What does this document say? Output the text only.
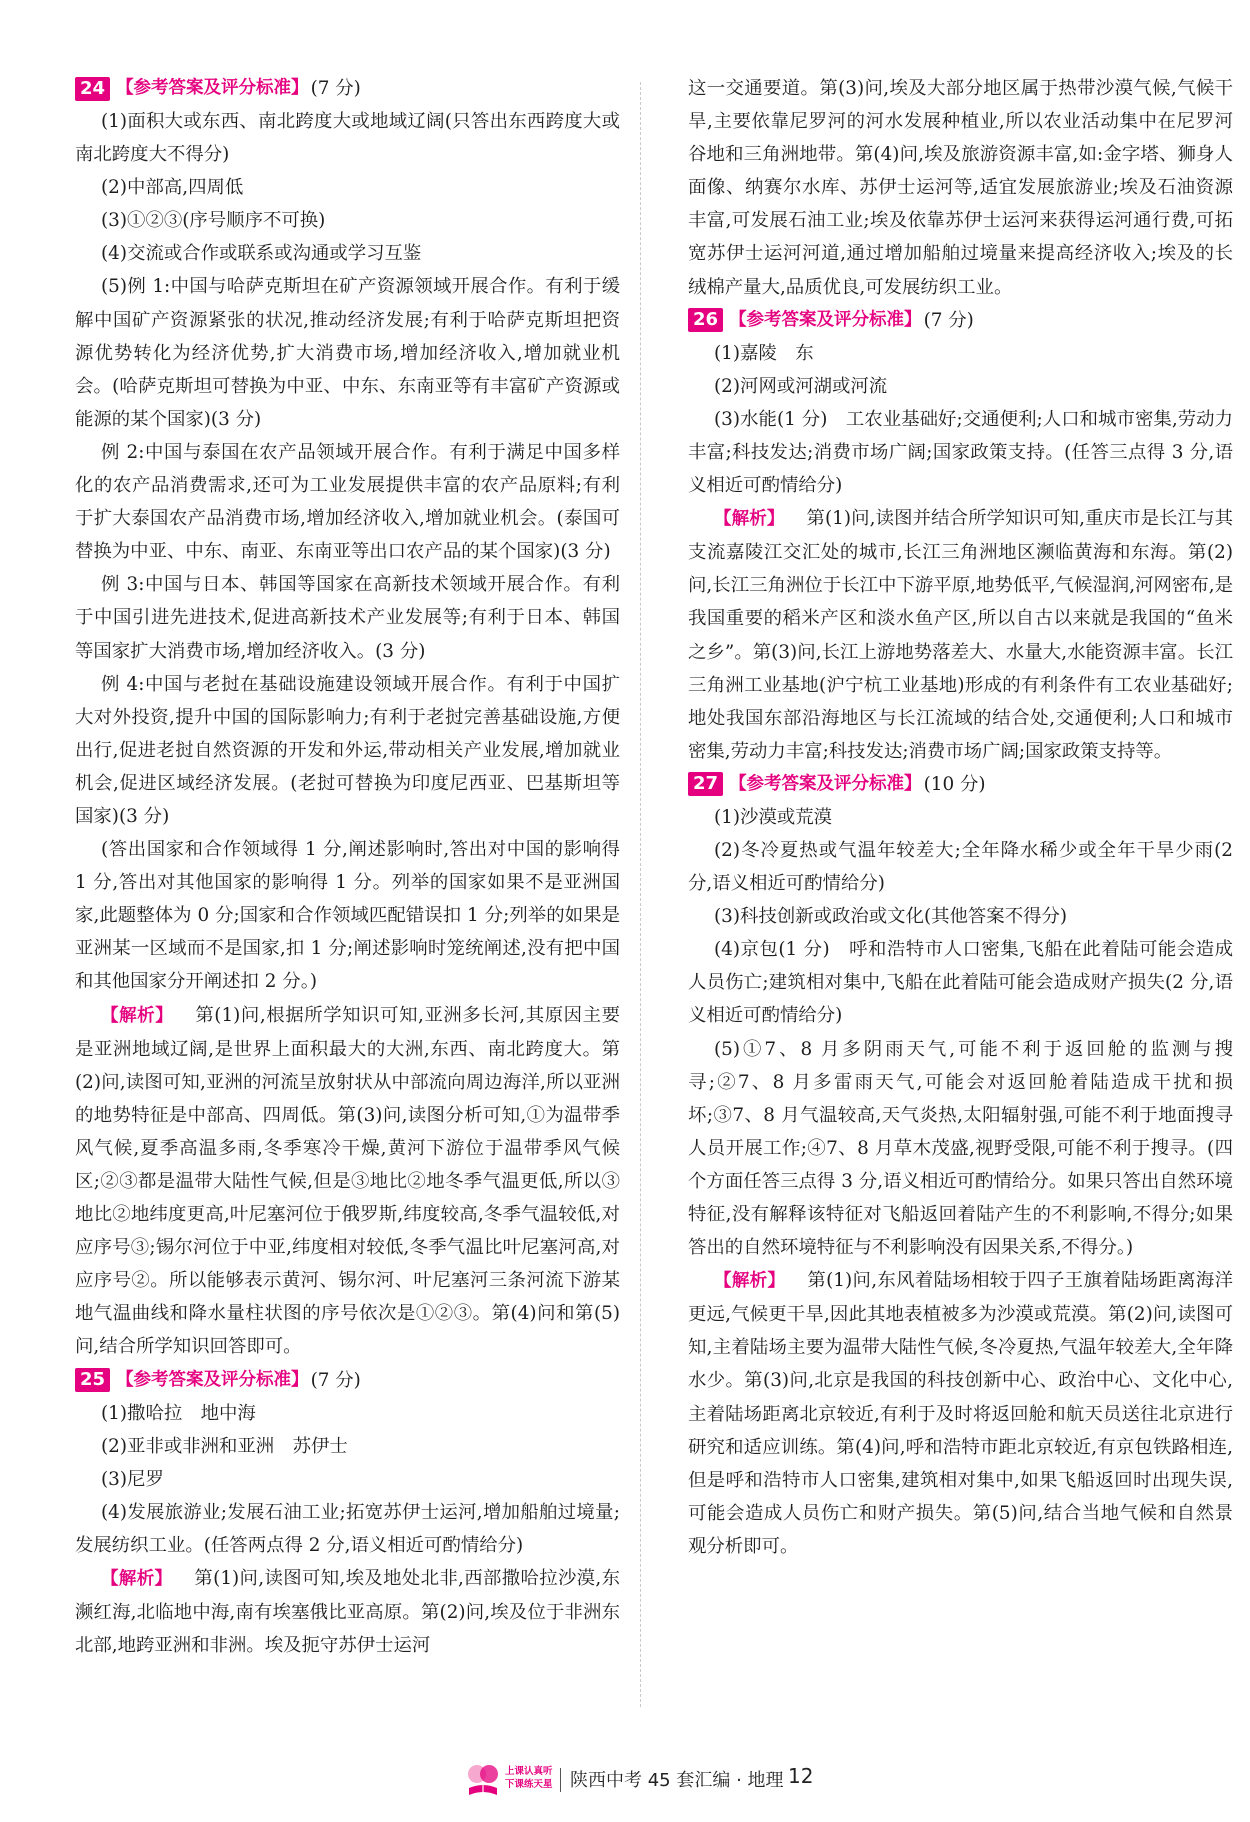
24 【参考答案及评分标准】 (7 分)

(1)面积大或东西、南北跨度大或地域辽阔(只答出东西跨度大或南北跨度大不得分)

(2)中部高,四周低

(3)①②③(序号顺序不可换)

(4)交流或合作或联系或沟通或学习互鉴

(5)例 1:中国与哈萨克斯坦在矿产资源领域开展合作。有利于缓解中国矿产资源紧张的状况,推动经济发展;有利于哈萨克斯坦把资源优势转化为经济优势,扩大消费市场,增加经济收入,增加就业机会。(哈萨克斯坦可替换为中亚、中东、东南亚等有丰富矿产资源或能源的某个国家)(3 分)

例 2:中国与泰国在农产品领域开展合作。有利于满足中国多样化的农产品消费需求,还可为工业发展提供丰富的农产品原料;有利于扩大泰国农产品消费市场,增加经济收入,增加就业机会。(泰国可替换为中亚、中东、南亚、东南亚等出口农产品的某个国家)(3 分)

例 3:中国与日本、韩国等国家在高新技术领域开展合作。有利于中国引进先进技术,促进高新技术产业发展等;有利于日本、韩国等国家扩大消费市场,增加经济收入。(3 分)

例 4:中国与老挝在基础设施建设领域开展合作。有利于中国扩大对外投资,提升中国的国际影响力;有利于老挝完善基础设施,方便出行,促进老挝自然资源的开发和外运,带动相关产业发展,增加就业机会,促进区域经济发展。(老挝可替换为印度尼西亚、巴基斯坦等国家)(3 分)

(答出国家和合作领域得 1 分,阐述影响时,答出对中国的影响得 1 分,答出对其他国家的影响得 1 分。列举的国家如果不是亚洲国家,此题整体为 0 分;国家和合作领域匹配错误扣 1 分;列举的如果是亚洲某一区域而不是国家,扣 1 分;阐述影响时笼统阐述,没有把中国和其他国家分开阐述扣 2 分。)

【解析】 第(1)问,根据所学知识可知,亚洲多长河,其原因主要是亚洲地域辽阔,是世界上面积最大的大洲,东西、南北跨度大。第(2)问,读图可知,亚洲的河流呈放射状从中部流向周边海洋,所以亚洲的地势特征是中部高、四周低。第(3)问,读图分析可知,①为温带季风气候,夏季高温多雨,冬季寒冷干燥,黄河下游位于温带季风气候区;②③都是温带大陆性气候,但是③地比②地冬季气温更低,所以③地比②地纬度更高,叶尼塞河位于俄罗斯,纬度较高,冬季气温较低,对应序号③;锡尔河位于中亚,纬度相对较低,冬季气温比叶尼塞河高,对应序号②。所以能够表示黄河、锡尔河、叶尼塞河三条河流下游某地气温曲线和降水量柱状图的序号依次是①②③。第(4)问和第(5)问,结合所学知识回答即可。

25 【参考答案及评分标准】 (7 分)

(1)撒哈拉　地中海

(2)亚非或非洲和亚洲　苏伊士

(3)尼罗

(4)发展旅游业;发展石油工业;拓宽苏伊士运河,增加船舶过境量;发展纺织工业。(任答两点得 2 分,语义相近可酌情给分)

【解析】 第(1)问,读图可知,埃及地处北非,西部撒哈拉沙漠,东濒红海,北临地中海,南有埃塞俄比亚高原。第(2)问,埃及位于非洲东北部,地跨亚洲和非洲。埃及扼守苏伊士运河

这一交通要道。第(3)问,埃及大部分地区属于热带沙漠气候,气候干旱,主要依靠尼罗河的河水发展种植业,所以农业活动集中在尼罗河谷地和三角洲地带。第(4)问,埃及旅游资源丰富,如:金字塔、狮身人面像、纳赛尔水库、苏伊士运河等,适宜发展旅游业;埃及石油资源丰富,可发展石油工业;埃及依靠苏伊士运河来获得运河通行费,可拓宽苏伊士运河河道,通过增加船舶过境量来提高经济收入;埃及的长绒棉产量大,品质优良,可发展纺织工业。

26 【参考答案及评分标准】 (7 分)

(1)嘉陵　东

(2)河网或河湖或河流

(3)水能(1 分)　工农业基础好;交通便利;人口和城市密集,劳动力丰富;科技发达;消费市场广阔;国家政策支持。(任答三点得 3 分,语义相近可酌情给分)

【解析】 第(1)问,读图并结合所学知识可知,重庆市是长江与其支流嘉陵江交汇处的城市,长江三角洲地区濒临黄海和东海。第(2)问,长江三角洲位于长江中下游平原,地势低平,气候湿润,河网密布,是我国重要的稻米产区和淡水鱼产区,所以自古以来就是我国的“鱼米之乡”。第(3)问,长江上游地势落差大、水量大,水能资源丰富。长江三角洲工业基地(沪宁杭工业基地)形成的有利条件有工农业基础好;地处我国东部沿海地区与长江流域的结合处,交通便利;人口和城市密集,劳动力丰富;科技发达;消费市场广阔;国家政策支持等。

27 【参考答案及评分标准】 (10 分)

(1)沙漠或荒漠

(2)冬冷夏热或气温年较差大;全年降水稀少或全年干旱少雨(2 分,语义相近可酌情给分)

(3)科技创新或政治或文化(其他答案不得分)

(4)京包(1 分)　呼和浩特市人口密集,飞船在此着陆可能会造成人员伤亡;建筑相对集中,飞船在此着陆可能会造成财产损失(2 分,语义相近可酌情给分)

(5)①7、8 月多阴雨天气,可能不利于返回舱的监测与搜寻;②7、8 月多雷雨天气,可能会对返回舱着陆造成干扰和损坏;③7、8 月气温较高,天气炎热,太阳辐射强,可能不利于地面搜寻人员开展工作;④7、8 月草木茂盛,视野受限,可能不利于搜寻。(四个方面任答三点得 3 分,语义相近可酌情给分。如果只答出自然环境特征,没有解释该特征对飞船返回着陆产生的不利影响,不得分;如果答出的自然环境特征与不利影响没有因果关系,不得分。)

【解析】 第(1)问,东风着陆场相较于四子王旗着陆场距离海洋更远,气候更干旱,因此其地表植被多为沙漠或荒漠。第(2)问,读图可知,主着陆场主要为温带大陆性气候,冬冷夏热,气温年较差大,全年降水少。第(3)问,北京是我国的科技创新中心、政治中心、文化中心,主着陆场距离北京较近,有利于及时将返回舱和航天员送往北京进行研究和适应训练。第(4)问,呼和浩特市距北京较近,有京包铁路相连,但是呼和浩特市人口密集,建筑相对集中,如果飞船返回时出现失误,可能会造成人员伤亡和财产损失。第(5)问,结合当地气候和自然景观分析即可。

上课认真听
下课练天星 陕西中考 45 套汇编 · 地理 12
